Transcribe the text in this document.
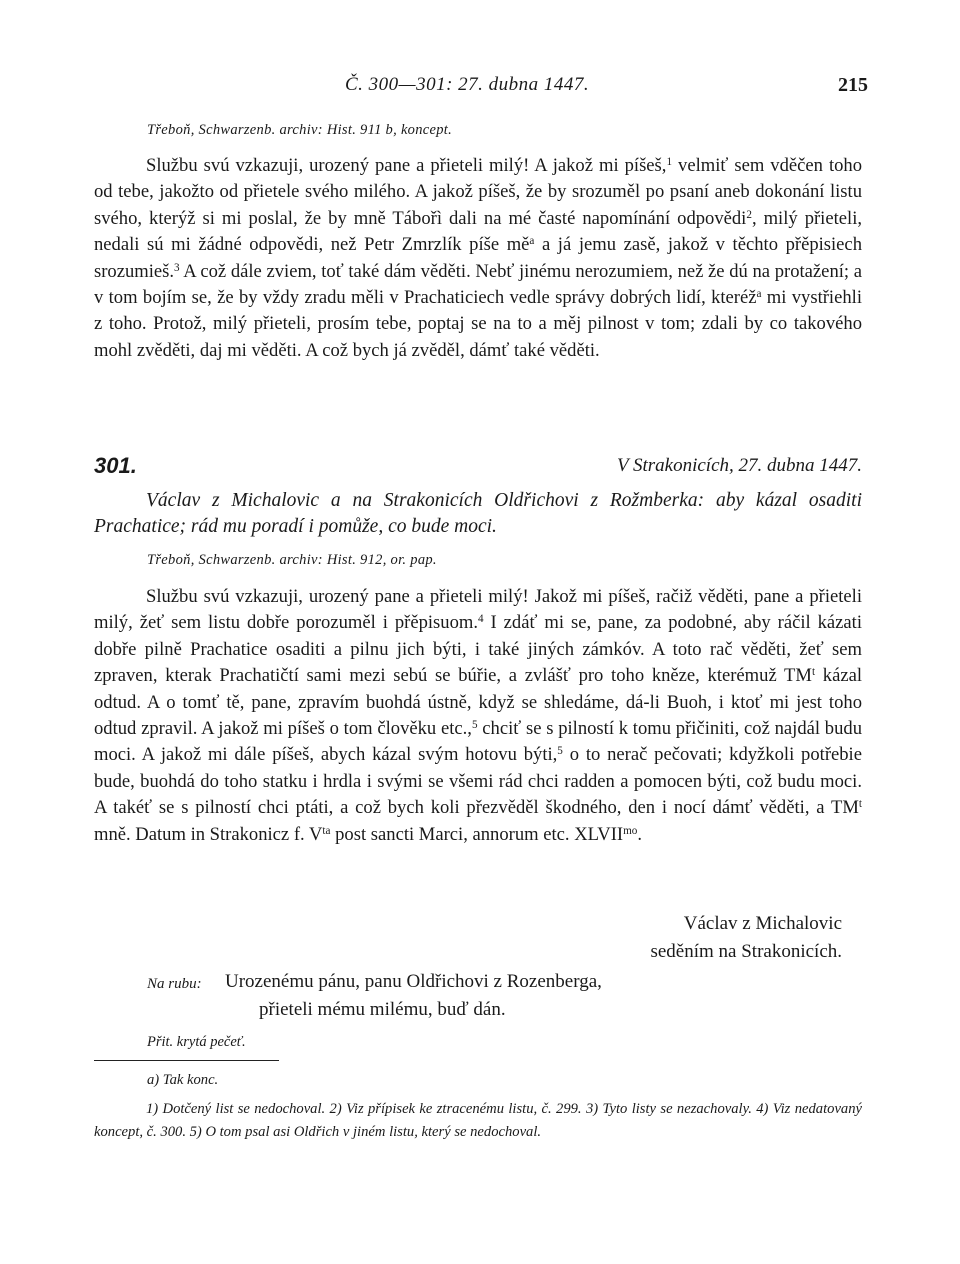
Č. 300—301: 27. dubna 1447.	215

Třeboň, Schwarzenb. archiv: Hist. 911 b, koncept.

Službu svú vzkazuji, urozený pane a přieteli milý! A jakož mi píšeš,$^1$ velmiť sem vděčen toho od tebe, jakožto od přietele svého milého. A jakož píšeš, že by srozuměl po psaní aneb dokonání listu svého, kterýž si mi poslal, že by mně Tábořì dali na mé časté napomínání odpovědi$^2$, milý přieteli, nedali sú mi žádné odpovědi, než Petr Zmrzlík píše $mě^a$ a já jemu zasě, jakož v těchto přěpisiech srozumieš.$^3$ A což dále zviem, toť také dám věděti. Nebť jinému nerozumiem, než že dú na protažení; a v tom bojím se, že by vždy zradu měli v Prachaticiech vedle správy dobrých lidí, kteréž$^a$ mi vystřiehli z toho. Protož, milý přieteli, prosím tebe, poptaj se na to a měj pilnost v tom; zdali by co takového mohl zvěděti, daj mi věděti. A což bych já zvěděl, dámť také věděti.

301.	V Strakonicích, 27. dubna 1447.

Václav z Michalovic a na Strakonicích Oldřichovi z Rožmberka: aby kázal osaditi Prachatice; rád mu poradí i pomůže, co bude moci.

Třeboň, Schwarzenb. archiv: Hist. 912, or. pap.

Službu svú vzkazuji, urozený pane a přieteli milý! Jakož mi píšeš, račiž věděti, pane a přieteli milý, žeť sem listu dobře porozuměl i přěpisuom.$^4$ I zdáť mi se, pane, za podobné, aby ráčil kázati dobře pilně Prachatice osaditi a pilnu jich býti, i také jiných zámkóv. A toto rač věděti, žeť sem zpraven, kterak Prachatičtí sami mezi sebú se búřie, a zvlášť pro toho kněze, kterémuž $TM^t$ kázal odtud. A o tomť tě, pane, zpravím buohdá ústně, když se shledáme, dá-li Buoh, i ktoť mi jest toho odtud zpravil. A jakož mi píšeš o tom člověku etc.,$^5$ chciť se s pilností k tomu přičiniti, což najdál budu moci. A jakož mi dále píšeš, abych kázal svým hotovu býti,$^5$ o to nerač pečovati; kdyžkoli potřebie bude, buohdá do toho statku i hrdla i svými se všemi rád chci radden a pomocen býti, což budu moci. A takéť se s pilností chci ptáti, a což bych koli přezvěděl škodného, den i nocí dámť věděti, a $TM^t$ mně. Datum in Strakonicz f. $V^{ta}$ post sancti Marci, annorum etc. $XLVII^{mo}$.

Václav z Michalovic
seděním na Strakonicích.

Na rubu: Urozenému pánu, panu Oldřichovi z Rozenberga,
přieteli mému milému, buď dán.

Přit. krytá pečeť.

a) Tak konc.

1) Dotčený list se nedochoval. 2) Viz přípisek ke ztracenému listu, č. 299. 3) Tyto listy se nezachovaly. 4) Viz nedatovaný koncept, č. 300. 5) O tom psal asi Oldřich v jiném listu, který se nedochoval.
